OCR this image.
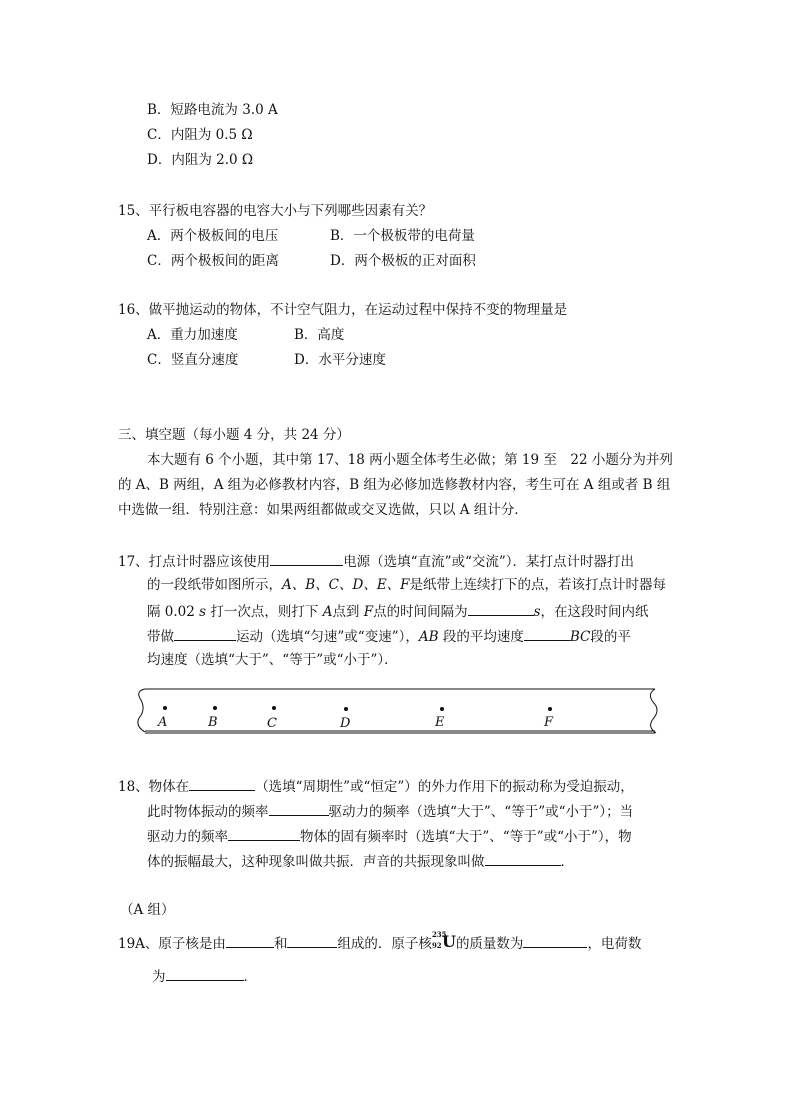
B．短路电流为 3.0 A
C．内阻为 0.5 Ω
D．内阻为 2.0 Ω
15、平行板电容器的电容大小与下列哪些因素有关？
A．两个极板间的电压	B．一个极板带的电荷量
C．两个极板间的距离	D．两个极板的正对面积
16、做平抛运动的物体，不计空气阻力，在运动过程中保持不变的物理量是
A．重力加速度	B．高度
C．竖直分速度	D．水平分速度
三、填空题（每小题 4 分，共 24 分）
本大题有 6 个小题，其中第 17、18 两小题全体考生必做；第 19 至　22 小题分为并列
的 A、B 两组，A 组为必修教材内容，B 组为必修加选修教材内容，考生可在 A 组或者 B 组
中选做一组．特别注意：如果两组都做或交叉选做，只以 A 组计分．
17、打点计时器应该使用	电源（选填“直流”或“交流”）．某打点计时器打出
的一段纸带如图所示，A、B、C、D、E、F是纸带上连续打下的点，若该打点计时器每
隔 0.02 s 打一次点，则打下 A点到 F点的时间间隔为	s，在这段时间内纸
带做	运动（选填“匀速”或“变速”），AB 段的平均速度	BC段的平
均速度（选填“大于”、“等于”或“小于”）．
A	B	C	D	E	F
18、物体在	（选填“周期性”或“恒定”）的外力作用下的振动称为受迫振动，
此时物体振动的频率	驱动力的频率（选填“大于”、“等于”或“小于”）；当
驱动力的频率	物体的固有频率时（选填“大于”、“等于”或“小于”），物
体的振幅最大，这种现象叫做共振．声音的共振现象叫做	．
（A 组）
19A、原子核是由	和	组成的．原子核
235
92 U 的质量数为	，电荷数
为	．
